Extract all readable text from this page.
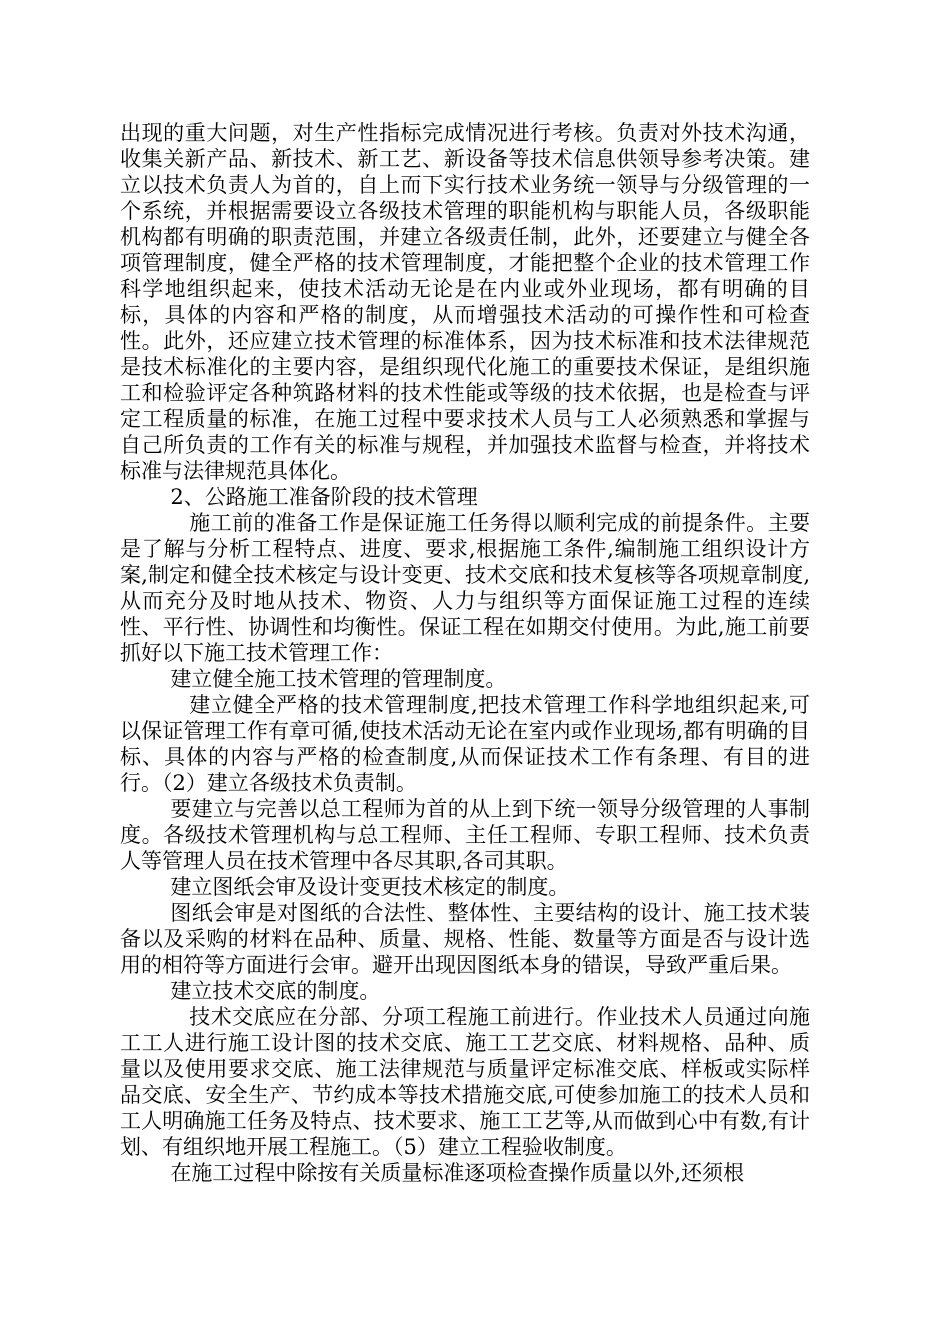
出现的重大问题，对生产性指标完成情况进行考核。负责对外技术沟通，收集关新产品、新技术、新工艺、新设备等技术信息供领导参考决策。建立以技术负责人为首的，自上而下实行技术业务统一领导与分级管理的一个系统，并根据需要设立各级技术管理的职能机构与职能人员，各级职能机构都有明确的职责范围，并建立各级责任制，此外，还要建立与健全各项管理制度，健全严格的技术管理制度，才能把整个企业的技术管理工作科学地组织起来，使技术活动无论是在内业或外业现场，都有明确的目标，具体的内容和严格的制度，从而增强技术活动的可操作性和可检查性。此外，还应建立技术管理的标准体系，因为技术标准和技术法律规范是技术标准化的主要内容，是组织现代化施工的重要技术保证，是组织施工和检验评定各种筑路材料的技术性能或等级的技术依据，也是检查与评定工程质量的标准，在施工过程中要求技术人员与工人必须熟悉和掌握与自己所负责的工作有关的标准与规程，并加强技术监督与检查，并将技术标准与法律规范具体化。

2、公路施工准备阶段的技术管理

施工前的准备工作是保证施工任务得以顺利完成的前提条件。主要是了解与分析工程特点、进度、要求,根据施工条件,编制施工组织设计方案,制定和健全技术核定与设计变更、技术交底和技术复核等各项规章制度,从而充分及时地从技术、物资、人力与组织等方面保证施工过程的连续性、平行性、协调性和均衡性。保证工程在如期交付使用。为此,施工前要抓好以下施工技术管理工作：

建立健全施工技术管理的管理制度。

建立健全严格的技术管理制度,把技术管理工作科学地组织起来,可以保证管理工作有章可循,使技术活动无论在室内或作业现场,都有明确的目标、具体的内容与严格的检查制度,从而保证技术工作有条理、有目的进行。（2）建立各级技术负责制。

要建立与完善以总工程师为首的从上到下统一领导分级管理的人事制度。各级技术管理机构与总工程师、主任工程师、专职工程师、技术负责人等管理人员在技术管理中各尽其职,各司其职。

建立图纸会审及设计变更技术核定的制度。

图纸会审是对图纸的合法性、整体性、主要结构的设计、施工技术装备以及采购的材料在品种、质量、规格、性能、数量等方面是否与设计选用的相符等方面进行会审。避开出现因图纸本身的错误，导致严重后果。

建立技术交底的制度。

技术交底应在分部、分项工程施工前进行。作业技术人员通过向施工工人进行施工设计图的技术交底、施工工艺交底、材料规格、品种、质量以及使用要求交底、施工法律规范与质量评定标准交底、样板或实际样品交底、安全生产、节约成本等技术措施交底,可使参加施工的技术人员和工人明确施工任务及特点、技术要求、施工工艺等,从而做到心中有数,有计划、有组织地开展工程施工。（5）建立工程验收制度。

在施工过程中除按有关质量标准逐项检查操作质量以外,还须根
